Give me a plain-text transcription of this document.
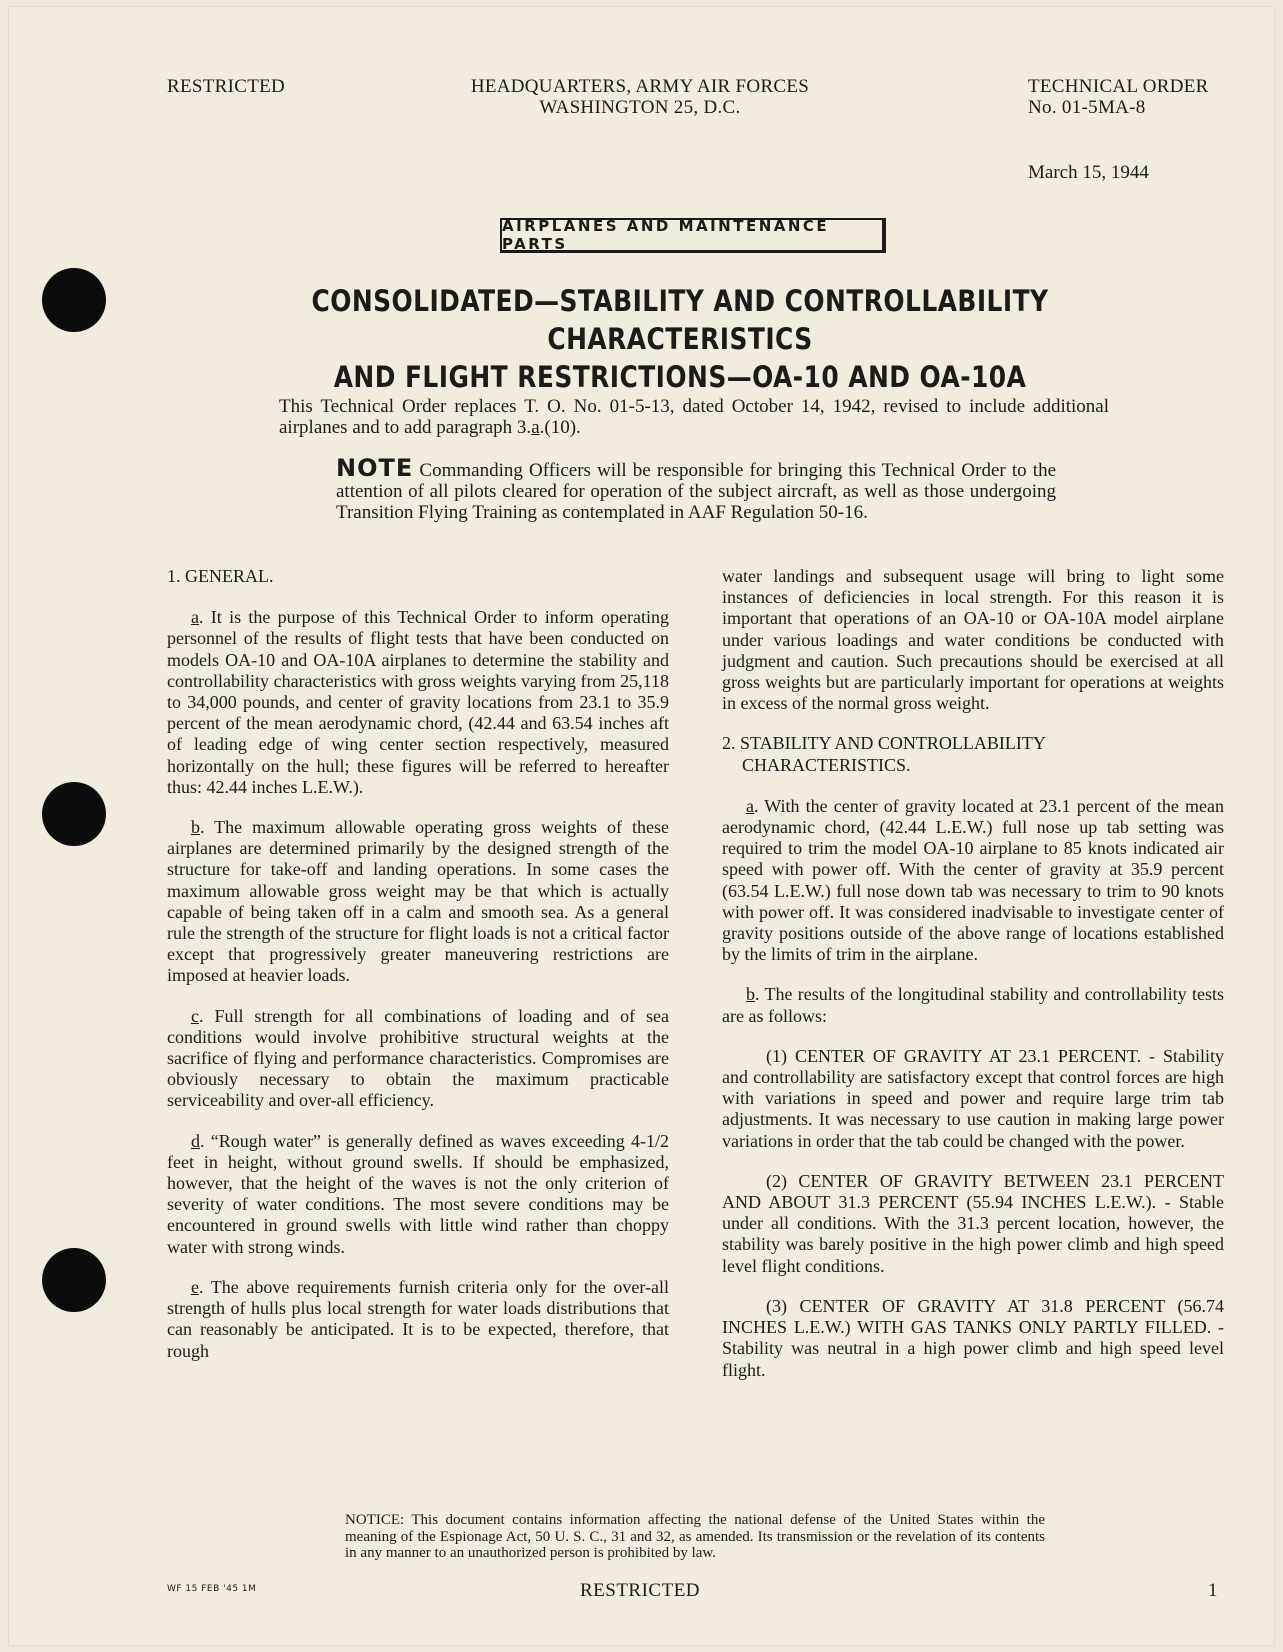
RESTRICTED	HEADQUARTERS, ARMY AIR FORCES
WASHINGTON 25, D.C.
TECHNICAL ORDER
No. 01-5MA-8
March 15, 1944
AIRPLANES AND MAINTENANCE PARTS
CONSOLIDATED—STABILITY AND CONTROLLABILITY CHARACTERISTICS
AND FLIGHT RESTRICTIONS—OA-10 AND OA-10A
This Technical Order replaces T. O. No. 01-5-13, dated October 14, 1942, revised to include additional airplanes and to add paragraph 3.a.(10).
NOTE Commanding Officers will be responsible for bringing this Technical Order to the attention of all pilots cleared for operation of the subject aircraft, as well as those undergoing Transition Flying Training as contemplated in AAF Regulation 50-16.

1. GENERAL.

a. It is the purpose of this Technical Order to inform operating personnel of the results of flight tests that have been conducted on models OA-10 and OA-10A airplanes to determine the stability and controllability characteristics with gross weights varying from 25,118 to 34,000 pounds, and center of gravity locations from 23.1 to 35.9 percent of the mean aerodynamic chord, (42.44 and 63.54 inches aft of leading edge of wing center section respectively, measured horizontally on the hull; these figures will be referred to hereafter thus: 42.44 inches L.E.W.).

b. The maximum allowable operating gross weights of these airplanes are determined primarily by the designed strength of the structure for take-off and landing operations. In some cases the maximum allowable gross weight may be that which is actually capable of being taken off in a calm and smooth sea. As a general rule the strength of the structure for flight loads is not a critical factor except that progressively greater maneuvering restrictions are imposed at heavier loads.

c. Full strength for all combinations of loading and of sea conditions would involve prohibitive structural weights at the sacrifice of flying and performance characteristics. Compromises are obviously necessary to obtain the maximum practicable serviceability and over-all efficiency.

d. “Rough water” is generally defined as waves exceeding 4-1/2 feet in height, without ground swells. If should be emphasized, however, that the height of the waves is not the only criterion of severity of water conditions. The most severe conditions may be encountered in ground swells with little wind rather than choppy water with strong winds.

e. The above requirements furnish criteria only for the over-all strength of hulls plus local strength for water loads distributions that can reasonably be anticipated. It is to be expected, therefore, that rough

water landings and subsequent usage will bring to light some instances of deficiencies in local strength. For this reason it is important that operations of an OA-10 or OA-10A model airplane under various loadings and water conditions be conducted with judgment and caution. Such precautions should be exercised at all gross weights but are particularly important for operations at weights in excess of the normal gross weight.

2. STABILITY AND CONTROLLABILITY
CHARACTERISTICS.

a. With the center of gravity located at 23.1 percent of the mean aerodynamic chord, (42.44 L.E.W.) full nose up tab setting was required to trim the model OA-10 airplane to 85 knots indicated air speed with power off. With the center of gravity at 35.9 percent (63.54 L.E.W.) full nose down tab was necessary to trim to 90 knots with power off. It was considered inadvisable to investigate center of gravity positions outside of the above range of locations established by the limits of trim in the airplane.

b. The results of the longitudinal stability and controllability tests are as follows:

(1) CENTER OF GRAVITY AT 23.1 PERCENT. - Stability and controllability are satisfactory except that control forces are high with variations in speed and power and require large trim tab adjustments. It was necessary to use caution in making large power variations in order that the tab could be changed with the power.

(2) CENTER OF GRAVITY BETWEEN 23.1 PERCENT AND ABOUT 31.3 PERCENT (55.94 INCHES L.E.W.). - Stable under all conditions. With the 31.3 percent location, however, the stability was barely positive in the high power climb and high speed level flight conditions.

(3) CENTER OF GRAVITY AT 31.8 PERCENT (56.74 INCHES L.E.W.) WITH GAS TANKS ONLY PARTLY FILLED. - Stability was neutral in a high power climb and high speed level flight.

NOTICE: This document contains information affecting the national defense of the United States within the meaning of the Espionage Act, 50 U. S. C., 31 and 32, as amended. Its transmission or the revelation of its contents in any manner to an unauthorized person is prohibited by law.
WF 15 FEB '45 1M	RESTRICTED	1
